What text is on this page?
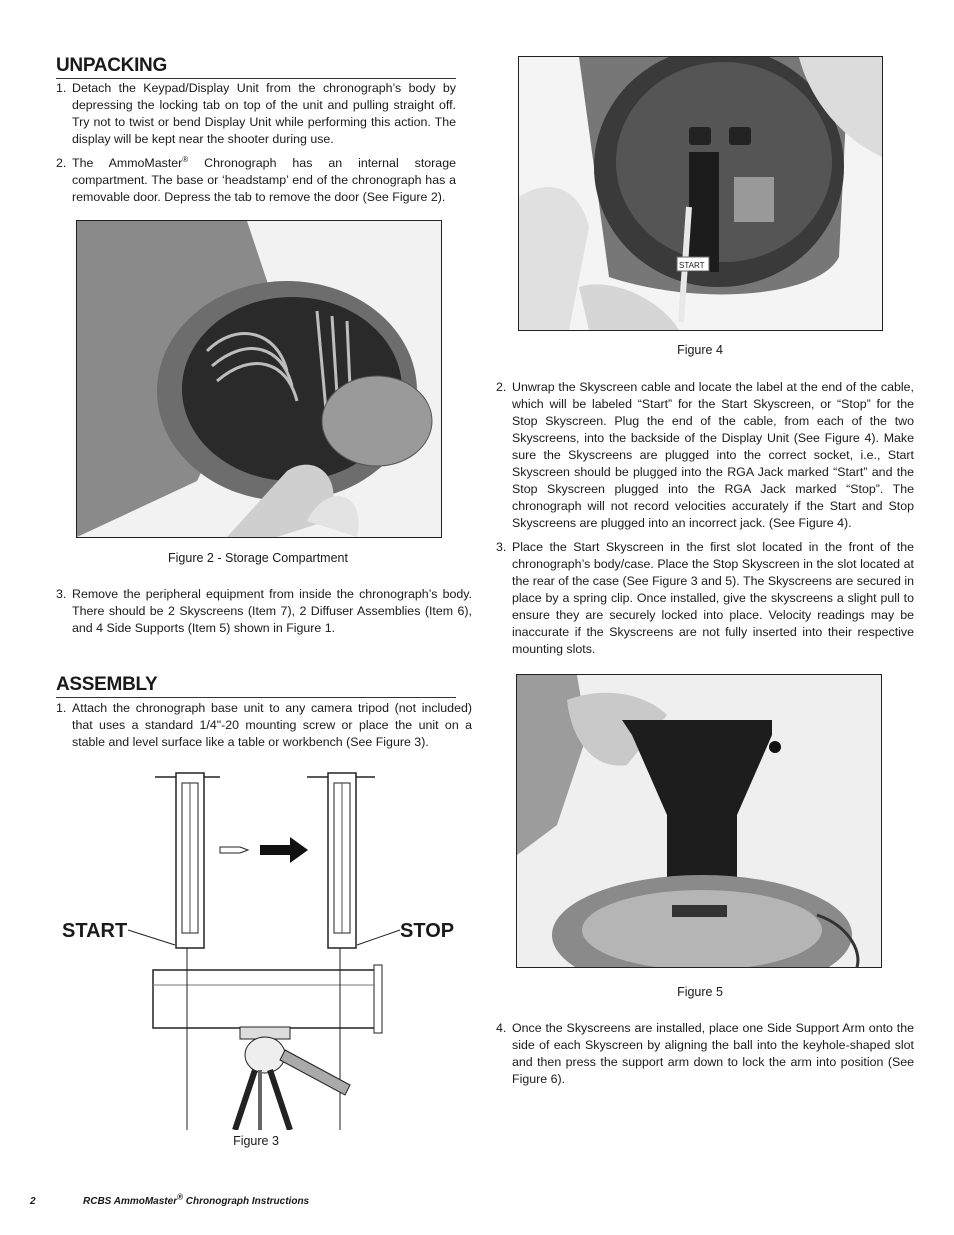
UNPACKING
1. Detach the Keypad/Display Unit from the chronograph’s body by depressing the locking tab on top of the unit and pulling straight off. Try not to twist or bend Display Unit while performing this action. The display will be kept near the shooter during use.
2. The AmmoMaster® Chronograph has an internal storage compartment. The base or ‘headstamp’ end of the chronograph has a removable door. Depress the tab to remove the door (See Figure 2).
Figure 2 - Storage Compartment
3. Remove the peripheral equipment from inside the chronograph’s body. There should be 2 Skyscreens (Item 7), 2 Diffuser Assemblies (Item 6), and 4 Side Supports (Item 5) shown in Figure 1.
ASSEMBLY
1. Attach the chronograph base unit to any camera tripod (not included) that uses a standard 1/4"-20 mounting screw or place the unit on a stable and level surface like a table or workbench (See Figure 3).
START	STOP
Figure 3
START
Figure 4
2. Unwrap the Skyscreen cable and locate the label at the end of the cable, which will be labeled “Start” for the Start Skyscreen, or “Stop” for the Stop Skyscreen. Plug the end of the cable, from each of the two Skyscreens, into the backside of the Display Unit (See Figure 4). Make sure the Skyscreens are plugged into the correct socket, i.e., Start Skyscreen should be plugged into the RGA Jack marked “Start” and the Stop Skyscreen plugged into the RGA Jack marked “Stop”. The chronograph will not record velocities accurately if the Start and Stop Skyscreens are plugged into an incorrect jack. (See Figure 4).
3. Place the Start Skyscreen in the first slot located in the front of the chronograph’s body/case. Place the Stop Skyscreen in the slot located at the rear of the case (See Figure 3 and 5). The Skyscreens are secured in place by a spring clip. Once installed, give the skyscreens a slight pull to ensure they are securely locked into place. Velocity readings may be inaccurate if the Skyscreens are not fully inserted into their respective mounting slots.
Figure 5
4. Once the Skyscreens are installed, place one Side Support Arm onto the side of each Skyscreen by aligning the ball into the keyhole-shaped slot and then press the support arm down to lock the arm into position (See Figure 6).
2	RCBS AmmoMaster® Chronograph Instructions
